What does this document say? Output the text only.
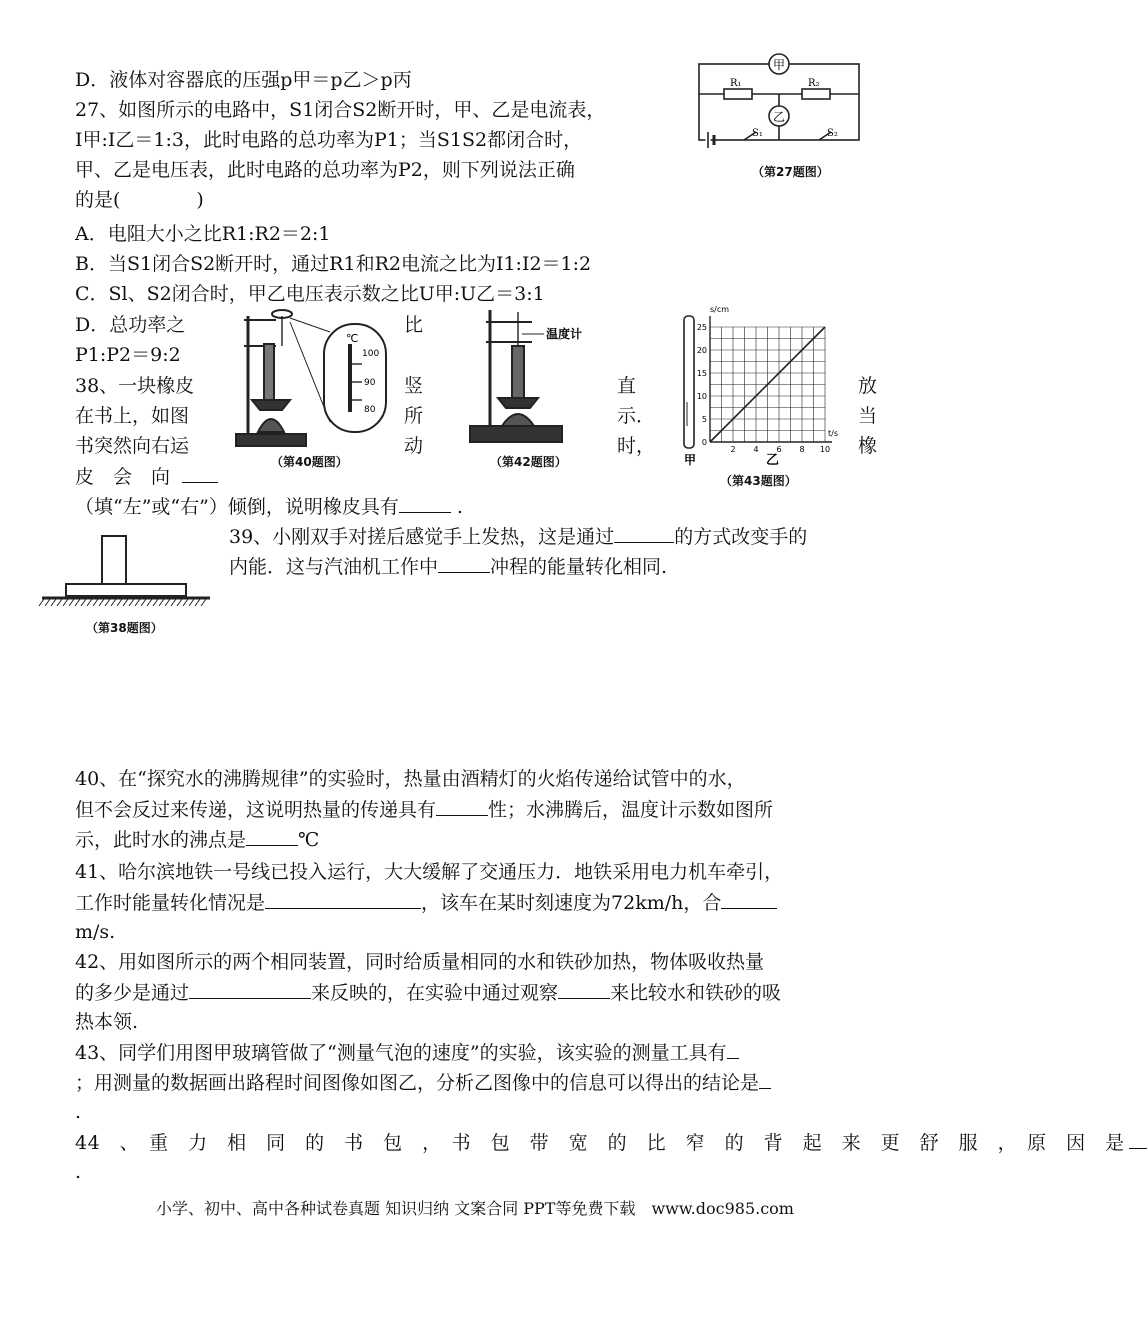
D．液体对容器底的压强p甲＝p乙＞p丙
27、如图所示的电路中，S1闭合S2断开时，甲、乙是电流表，
I甲:I乙＝1:3，此时电路的总功率为P1；当S1S2都闭合时，
甲、乙是电压表，此时电路的总功率为P2，则下列说法正确
的是(　　　　)
A．电阻大小之比R1:R2＝2:1
B．当S1闭合S2断开时，通过R1和R2电流之比为I1:I2＝1:2
C．Sl、S2闭合时，甲乙电压表示数之比U甲:U乙＝3:1
D．总功率之	比
P1:P2＝9:2
38、一块橡皮	竖	直	放
在书上，如图	所	示．	当
书突然向右运	动	时，	橡
皮　会　向
（填“左”或“右”）倾倒，说明橡皮具有	.
39、小刚双手对搓后感觉手上发热，这是通过	的方式改变手的
内能．这与汽油机工作中	冲程的能量转化相同.
40、在“探究水的沸腾规律”的实验时，热量由酒精灯的火焰传递给试管中的水，
但不会反过来传递，这说明热量的传递具有	性；水沸腾后，温度计示数如图所
示，此时水的沸点是	℃
41、哈尔滨地铁一号线已投入运行，大大缓解了交通压力．地铁采用电力机车牵引，
工作时能量转化情况是	，该车在某时刻速度为72km/h，合
m/s.
42、用如图所示的两个相同装置，同时给质量相同的水和铁砂加热，物体吸收热量
的多少是通过	来反映的，在实验中通过观察	来比较水和铁砂的吸
热本领.
43、同学们用图甲玻璃管做了“测量气泡的速度”的实验，该实验的测量工具有
；用测量的数据画出路程时间图像如图乙，分析乙图像中的信息可以得出的结论是
.
44　、　重　力　相　同　的　书　包　，　书　包　带　宽　的　比　窄　的　背　起　来　更　舒　服　，　原　因　是
.
甲
乙
R₁	R₂
S₁	S₂
（第27题图）
℃
100
90
80
（第40题图）
温度计
（第42题图）
s/cm
t/s
0
5
10
15
20
25
2 4 6 8 10
甲	乙
（第43题图）
（第38题图）
小学、初中、高中各种试卷真题 知识归纳 文案合同 PPT等免费下载　www.doc985.com
